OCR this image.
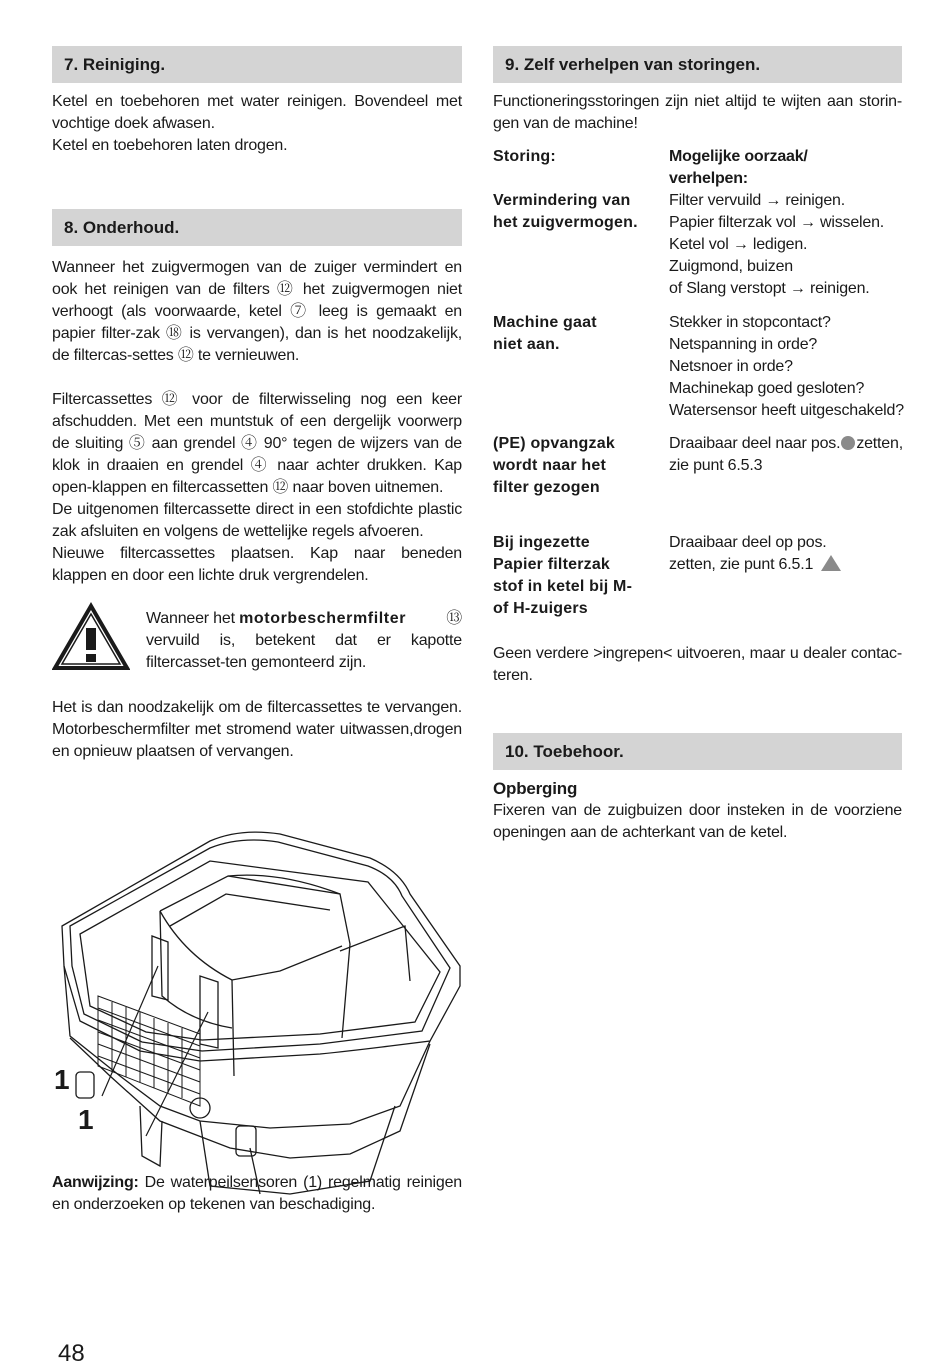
7. Reiniging.

Ketel en toebehoren met water reinigen. Bovendeel met vochtige doek afwasen.

Ketel en toebehoren laten drogen.

8. Onderhoud.

Wanneer het zuigvermogen van de zuiger vermindert en ook het reinigen van de filters ⑫ het zuigvermogen niet verhoogt (als voorwaarde, ketel ⑦ leeg is gemaakt en papier filter-zak ⑱ is vervangen), dan is het noodzakelijk, de filtercas-settes ⑫ te vernieuwen.

Filtercassettes ⑫ voor de filterwisseling nog een keer afschudden. Met een muntstuk of een dergelijk voorwerp de sluiting ⑤ aan grendel ④ 90° tegen de wijzers van de klok in draaien en grendel ④ naar achter drukken. Kap open-klappen en filtercassetten ⑫ naar boven uitnemen.

De uitgenomen filtercassette direct in een stofdichte plastic zak afsluiten en volgens de wettelijke regels afvoeren.

Nieuwe filtercassettes plaatsen. Kap naar beneden klappen en door een lichte druk vergrendelen.

Wanneer het motorbeschermfilter	⑬

vervuild is, betekent dat er kapotte filtercasset-ten gemonteerd zijn.

Het is dan noodzakelijk om de filtercassettes te vervangen. Motorbeschermfilter met stromend water uitwassen,drogen en opnieuw plaatsen of vervangen.

1
1

Aanwijzing: De waterpeilsensoren (1) regelmatig reinigen en onderzoeken op tekenen van beschadiging.

9. Zelf verhelpen van storingen.

Functioneringsstoringen zijn niet altijd te wijten aan storin-gen van de machine!

Storing:	Mogelijke oorzaak/ verhelpen:
Vermindering van het zuigvermogen.
Filter vervuild → reinigen.
Papier filterzak vol → wisselen.
Ketel vol → ledigen.
Zuigmond, buizen
of Slang verstopt → reinigen.
Machine gaat niet aan.
Stekker in stopcontact?
Netspanning in orde?
Netsnoer in orde?
Machinekap goed gesloten?
Watersensor heeft uitgeschakeld?
(PE) opvangzak wordt naar het filter gezogen
Draaibaar deel naar pos. zetten,
zie punt 6.5.3
Bij ingezette Papier filterzak stof in ketel bij M- of H-zuigers
Draaibaar deel op pos.
zetten, zie punt 6.5.1

Geen verdere >ingrepen< uitvoeren, maar u dealer contac-teren.

10. Toebehoor.

Opberging

Fixeren van de zuigbuizen door insteken in de voorziene openingen aan de achterkant van de ketel.

48
